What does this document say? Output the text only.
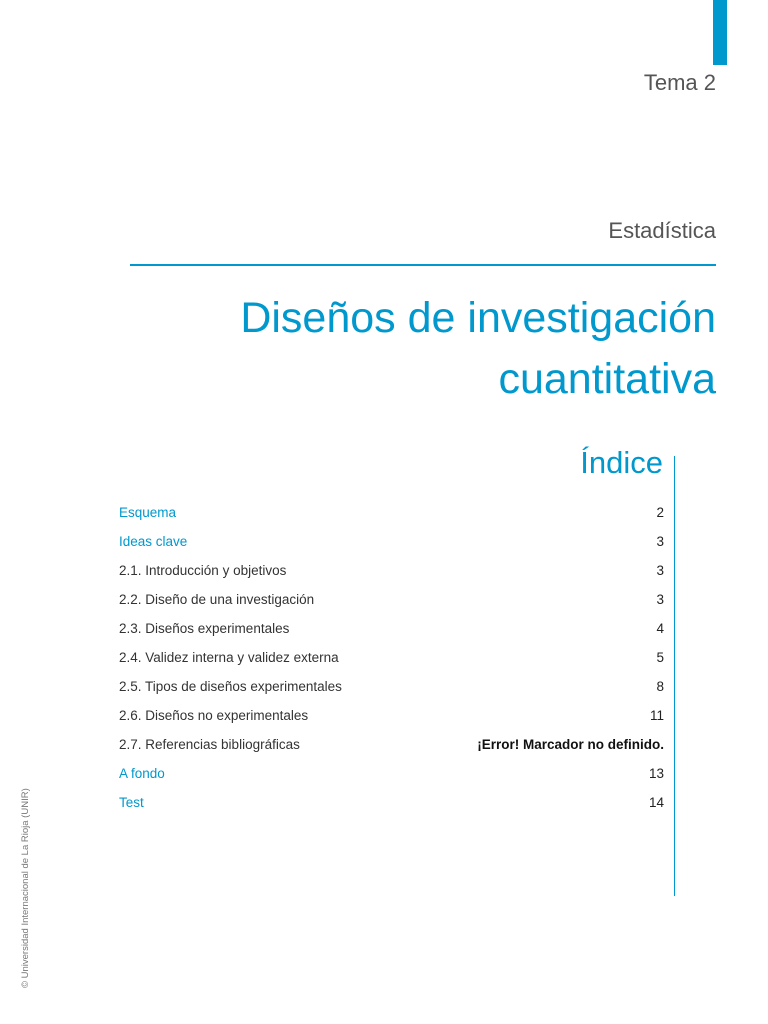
Tema 2
Estadística
Diseños de investigación
cuantitativa
Índice
Esquema	2
Ideas clave	3
2.1. Introducción y objetivos	3
2.2. Diseño de una investigación	3
2.3. Diseños experimentales	4
2.4. Validez interna y validez externa	5
2.5. Tipos de diseños experimentales	8
2.6. Diseños no experimentales	11
2.7. Referencias bibliográficas	¡Error! Marcador no definido.
A fondo	13
Test	14
© Universidad Internacional de La Rioja (UNIR)
